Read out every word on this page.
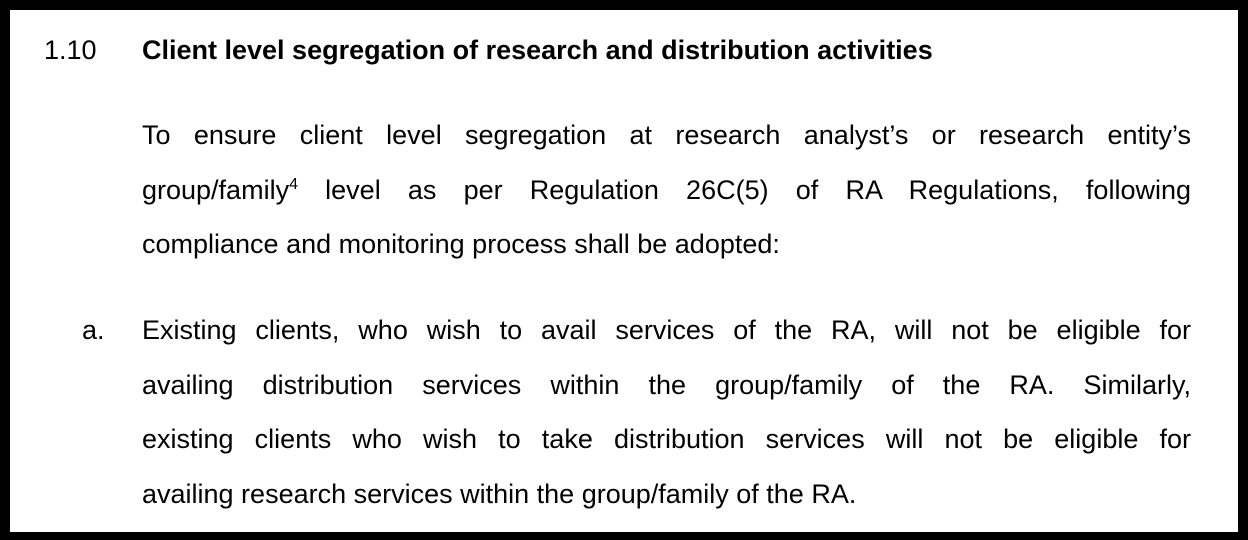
1.10 Client level segregation of research and distribution activities

To ensure client level segregation at research analyst’s or research entity’s
group/family$^4$ level as per Regulation 26C(5) of RA Regulations, following
compliance and monitoring process shall be adopted:

a. Existing clients, who wish to avail services of the RA, will not be eligible for
availing distribution services within the group/family of the RA. Similarly,
existing clients who wish to take distribution services will not be eligible for
availing research services within the group/family of the RA.
